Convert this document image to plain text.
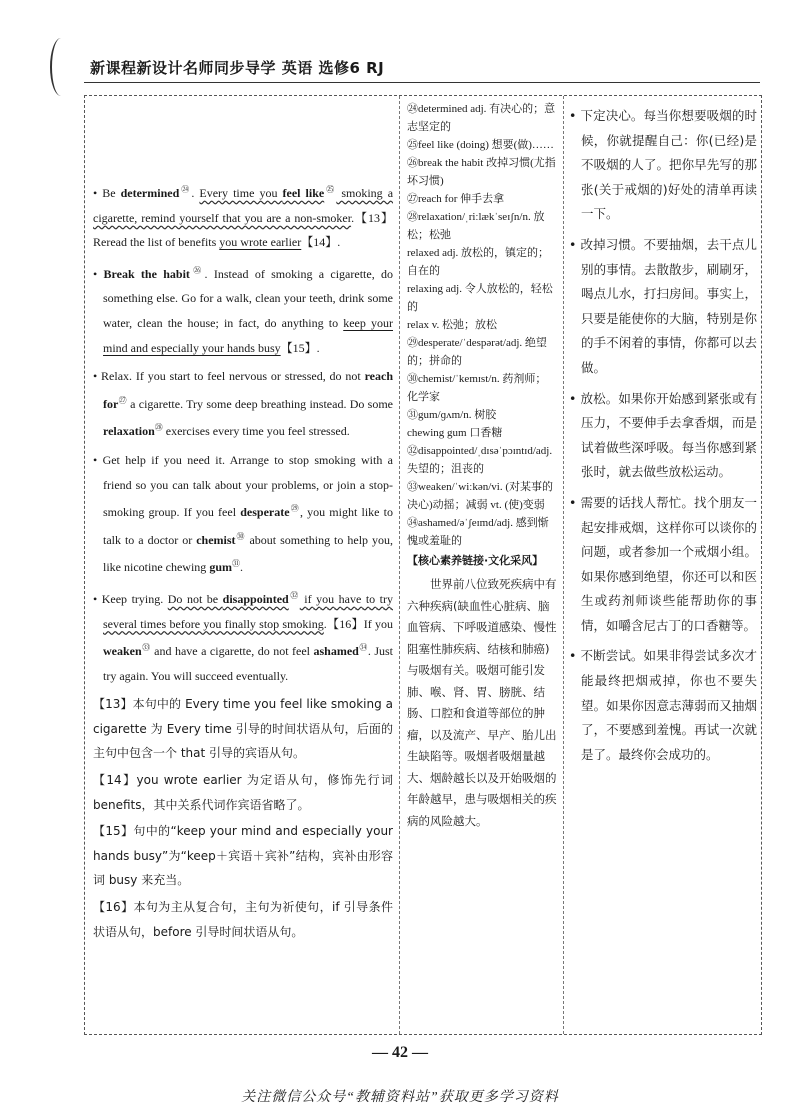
新课程新设计名师同步导学 英语 选修6 RJ

• Be determined$^㉔$. Every time you feel like$^㉕$ smoking a cigarette, remind yourself that you are a non-smoker.【13】Reread the list of benefits you wrote earlier【14】.

• Break the habit$^㉖$. Instead of smoking a cigarette, do something else. Go for a walk, clean your teeth, drink some water, clean the house; in fact, do anything to keep your mind and especially your hands busy【15】.

• Relax. If you start to feel nervous or stressed, do not reach for$^㉗$ a cigarette. Try some deep breathing instead. Do some relaxation$^㉘$ exercises every time you feel stressed.

• Get help if you need it. Arrange to stop smoking with a friend so you can talk about your problems, or join a stop-smoking group. If you feel desperate$^㉙$, you might like to talk to a doctor or chemist$^㉚$ about something to help you, like nicotine chewing gum$^㉛$.

• Keep trying. Do not be disappointed$^㉜$ if you have to try several times before you finally stop smoking.【16】If you weaken$^㉝$ and have a cigarette, do not feel ashamed$^㉞$. Just try again. You will succeed eventually.

【13】本句中的 Every time you feel like smoking a cigarette 为 Every time 引导的时间状语从句，后面的主句中包含一个 that 引导的宾语从句。

【14】you wrote earlier 为定语从句，修饰先行词 benefits，其中关系代词作宾语省略了。

【15】句中的“keep your mind and especially your hands busy”为“keep＋宾语＋宾补”结构，宾补由形容词 busy 来充当。

【16】本句为主从复合句，主句为祈使句，if 引导条件状语从句，before 引导时间状语从句。

㉔determined adj. 有决心的；意志坚定的

㉕feel like (doing) 想要(做)……

㉖break the habit 改掉习惯(尤指坏习惯)

㉗reach for 伸手去拿

㉘relaxation/ˌriːlækˈseɪʃn/n. 放松；松弛

relaxed adj. 放松的，镇定的；自在的

relaxing adj. 令人放松的，轻松的

relax v. 松弛；放松

㉙desperate/ˈdespərət/adj. 绝望的；拼命的

㉚chemist/ˈkemɪst/n. 药剂师；化学家

㉛gum/ɡʌm/n. 树胶

chewing gum 口香糖

㉜disappointed/ˌdɪsəˈpɔɪntɪd/adj. 失望的；沮丧的

㉝weaken/ˈwiːkən/vi. (对某事的决心)动摇；减弱 vt. (使)变弱

㉞ashamed/əˈʃeɪmd/adj. 感到惭愧或羞耻的

【核心素养链接·文化采风】

世界前八位致死疾病中有六种疾病(缺血性心脏病、脑血管病、下呼吸道感染、慢性阻塞性肺疾病、结核和肺癌)与吸烟有关。吸烟可能引发肺、喉、肾、胃、膀胱、结肠、口腔和食道等部位的肿瘤，以及流产、早产、胎儿出生缺陷等。吸烟者吸烟量越大、烟龄越长以及开始吸烟的年龄越早，患与吸烟相关的疾病的风险越大。

• 下定决心。每当你想要吸烟的时候，你就提醒自己：你(已经)是不吸烟的人了。把你早先写的那张(关于戒烟的)好处的清单再读一下。

• 改掉习惯。不要抽烟，去干点儿别的事情。去散散步，刷刷牙，喝点儿水，打扫房间。事实上，只要是能使你的大脑，特别是你的手不闲着的事情，你都可以去做。

• 放松。如果你开始感到紧张或有压力，不要伸手去拿香烟，而是试着做些深呼吸。每当你感到紧张时，就去做些放松运动。

• 需要的话找人帮忙。找个朋友一起安排戒烟，这样你可以谈你的问题，或者参加一个戒烟小组。如果你感到绝望，你还可以和医生或药剂师谈些能帮助你的事情，如嚼含尼古丁的口香糖等。

• 不断尝试。如果非得尝试多次才能最终把烟戒掉，你也不要失望。如果你因意志薄弱而又抽烟了，不要感到羞愧。再试一次就是了。最终你会成功的。

— 42 —
关注微信公众号“教辅资料站”获取更多学习资料
